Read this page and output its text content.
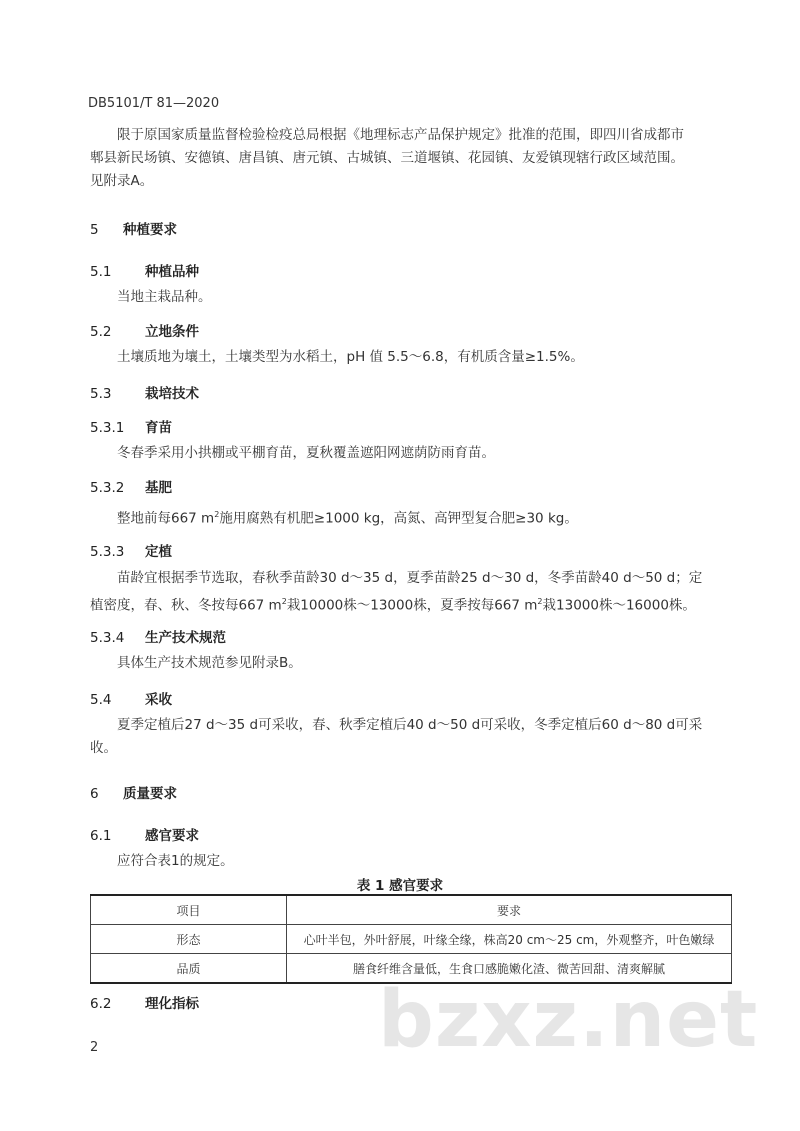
DB5101/T 81—2020
限于原国家质量监督检验检疫总局根据《地理标志产品保护规定》批准的范围，即四川省成都市
郫县新民场镇、安德镇、唐昌镇、唐元镇、古城镇、三道堰镇、花园镇、友爱镇现辖行政区域范围。
见附录A。
5 种植要求
5.1 种植品种
当地主栽品种。
5.2 立地条件
土壤质地为壤土，土壤类型为水稻土，pH 值 5.5～6.8，有机质含量≥1.5%。
5.3 栽培技术
5.3.1 育苗
冬春季采用小拱棚或平棚育苗，夏秋覆盖遮阳网遮荫防雨育苗。
5.3.2 基肥
整地前每667 $m^2$施用腐熟有机肥≥1000 kg，高氮、高钾型复合肥≥30 kg。
5.3.3 定植
苗龄宜根据季节选取，春秋季苗龄30 d～35 d，夏季苗龄25 d～30 d，冬季苗龄40 d～50 d；定
植密度，春、秋、冬按每667 $m^2$栽10000株～13000株，夏季按每667 $m^2$栽13000株～16000株。
5.3.4 生产技术规范
具体生产技术规范参见附录B。
5.4 采收
夏季定植后27 d～35 d可采收，春、秋季定植后40 d～50 d可采收，冬季定植后60 d～80 d可采
收。
6 质量要求
6.1 感官要求
应符合表1的规定。
表 1 感官要求
项目	要求
形态	心叶半包，外叶舒展，叶缘全缘，株高20 cm～25 cm，外观整齐，叶色嫩绿
品质	膳食纤维含量低，生食口感脆嫩化渣、微苦回甜、清爽解腻
6.2 理化指标 bzxz.net
2
